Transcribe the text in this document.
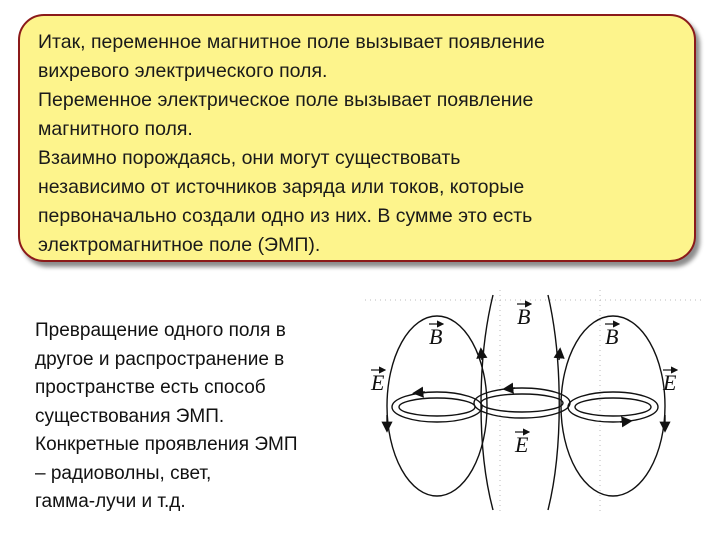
Итак, переменное магнитное поле вызывает появление

вихревого электрического поля.

Переменное электрическое поле вызывает появление

магнитного поля.

Взаимно порождаясь, они могут существовать

независимо от источников заряда или токов, которые

первоначально создали одно из них. В сумме это есть

электромагнитное поле (ЭМП).

Превращение одного поля в

другое и распространение в

пространстве есть способ

существования ЭМП.

Конкретные проявления ЭМП

– радиоволны, свет,

гамма-лучи и т.д.

B
B	B
E	E
E
